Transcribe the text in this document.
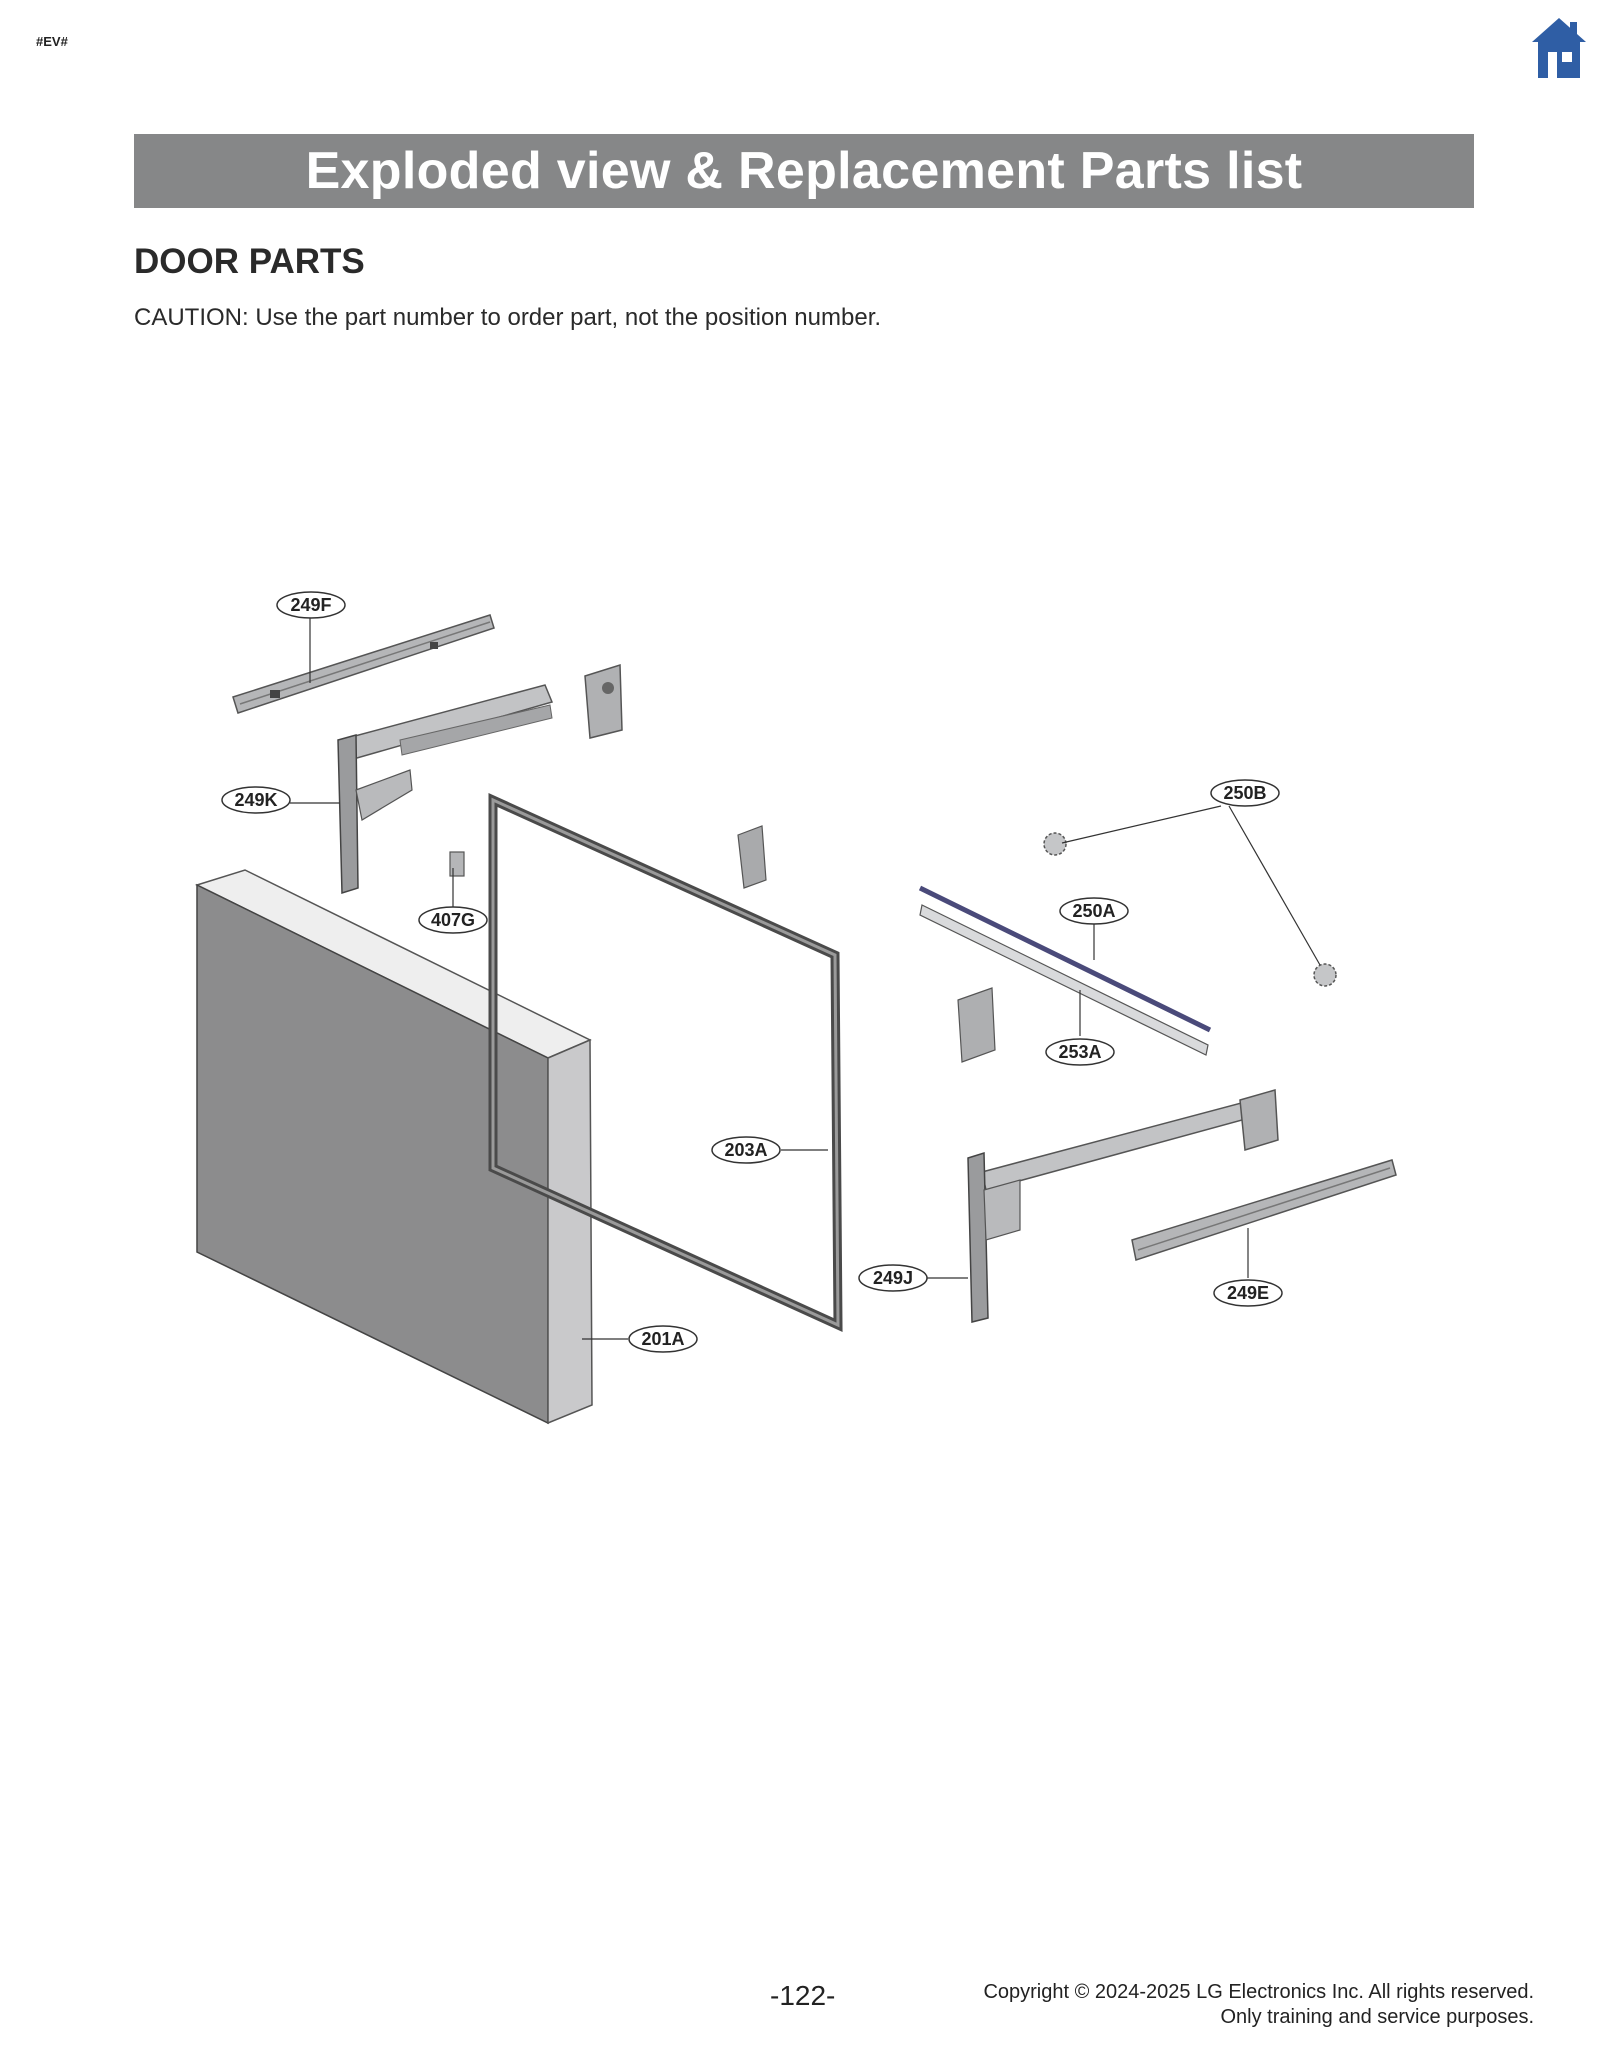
#EV#
Exploded view & Replacement Parts list
DOOR PARTS
CAUTION: Use the part number to order part, not the position number.
249F
249K
407G
250B
250A
253A
203A
249J
249E
201A
-122-	Copyright © 2024-2025 LG Electronics Inc. All rights reserved.
Only training and service purposes.
